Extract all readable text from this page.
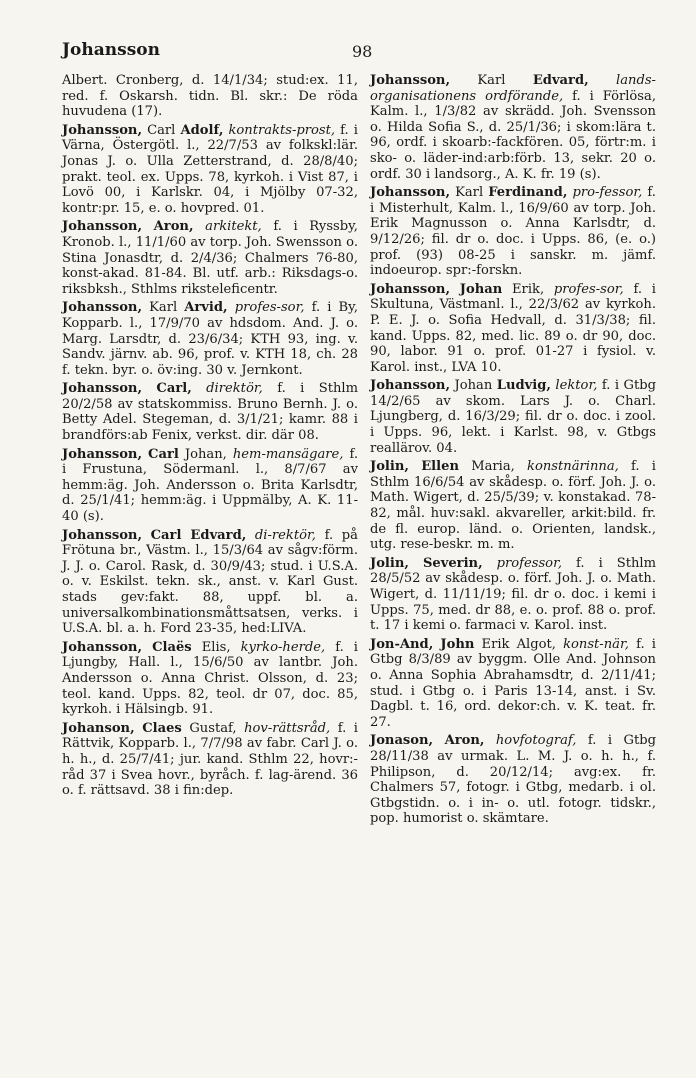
Johansson	98

Albert. Cronberg, d. 14/1/34; stud:ex. 11, red. f. Oskarsh. tidn. Bl. skr.: De röda huvudena (17).

Johansson, Carl Adolf, kontrakts-prost, f. i Värna, Östergötl. l., 22/7/53 av folkskl:lär. Jonas J. o. Ulla Zetterstrand, d. 28/8/40; prakt. teol. ex. Upps. 78, kyrkoh. i Vist 87, i Lovö 00, i Karlskr. 04, i Mjölby 07-32, kontr:pr. 15, e. o. hovpred. 01.

Johansson, Aron, arkitekt, f. i Ryssby, Kronob. l., 11/1/60 av torp. Joh. Swensson o. Stina Jonasdtr, d. 2/4/36; Chalmers 76-80, konst-akad. 81-84. Bl. utf. arb.: Riksdags-o. riksbksh., Sthlms riksteleficentr.

Johansson, Karl Arvid, profes-sor, f. i By, Kopparb. l., 17/9/70 av hdsdom. And. J. o. Marg. Larsdtr, d. 23/6/34; KTH 93, ing. v. Sandv. järnv. ab. 96, prof. v. KTH 18, ch. 28 f. tekn. byr. o. öv:ing. 30 v. Jernkont.

Johansson, Carl, direktör, f. i Sthlm 20/2/58 av statskommiss. Bruno Bernh. J. o. Betty Adel. Stegeman, d. 3/1/21; kamr. 88 i brandförs:ab Fenix, verkst. dir. där 08.

Johansson, Carl Johan, hem-mansägare, f. i Frustuna, Södermanl. l., 8/7/67 av hemm:äg. Joh. Andersson o. Brita Karlsdtr, d. 25/1/41; hemm:äg. i Uppmälby, A. K. 11-40 (s).

Johansson, Carl Edvard, di-rektör, f. på Frötuna br., Västm. l., 15/3/64 av sågv:förm. J. J. o. Carol. Rask, d. 30/9/43; stud. i U.S.A. o. v. Eskilst. tekn. sk., anst. v. Karl Gust. stads gev:fakt. 88, uppf. bl. a. universalkombinationsmåttsatsen, verks. i U.S.A. bl. a. h. Ford 23-35, hed:LIVA.

Johansson, Claës Elis, kyrko-herde, f. i Ljungby, Hall. l., 15/6/50 av lantbr. Joh. Andersson o. Anna Christ. Olsson, d. 23; teol. kand. Upps. 82, teol. dr 07, doc. 85, kyrkoh. i Hälsingb. 91.

Johanson, Claes Gustaf, hov-rättsråd, f. i Rättvik, Kopparb. l., 7/7/98 av fabr. Carl J. o. h. h., d. 25/7/41; jur. kand. Sthlm 22, hovr:-råd 37 i Svea hovr., byråch. f. lag-ärend. 36 o. f. rättsavd. 38 i fin:dep.

Johansson, Karl Edvard, lands-organisationens ordförande, f. i Förlösa, Kalm. l., 1/3/82 av skrädd. Joh. Svensson o. Hilda Sofia S., d. 25/1/36; i skom:lära t. 96, ordf. i skoarb:-fackfören. 05, förtr:m. i sko- o. läder-ind:arb:förb. 13, sekr. 20 o. ordf. 30 i landsorg., A. K. fr. 19 (s).

Johansson, Karl Ferdinand, pro-fessor, f. i Misterhult, Kalm. l., 16/9/60 av torp. Joh. Erik Magnusson o. Anna Karlsdtr, d. 9/12/26; fil. dr o. doc. i Upps. 86, (e. o.) prof. (93) 08-25 i sanskr. m. jämf. indoeurop. spr:-forskn.

Johansson, Johan Erik, profes-sor, f. i Skultuna, Västmanl. l., 22/3/62 av kyrkoh. P. E. J. o. Sofia Hedvall, d. 31/3/38; fil. kand. Upps. 82, med. lic. 89 o. dr 90, doc. 90, labor. 91 o. prof. 01-27 i fysiol. v. Karol. inst., LVA 10.

Johansson, Johan Ludvig, lektor, f. i Gtbg 14/2/65 av skom. Lars J. o. Charl. Ljungberg, d. 16/3/29; fil. dr o. doc. i zool. i Upps. 96, lekt. i Karlst. 98, v. Gtbgs reallärov. 04.

Jolin, Ellen Maria, konstnärinna, f. i Sthlm 16/6/54 av skådesp. o. förf. Joh. J. o. Math. Wigert, d. 25/5/39; v. konstakad. 78-82, mål. huv:sakl. akvareller, arkit:bild. fr. de fl. europ. länd. o. Orienten, landsk., utg. rese-beskr. m. m.

Jolin, Severin, professor, f. i Sthlm 28/5/52 av skådesp. o. förf. Joh. J. o. Math. Wigert, d. 11/11/19; fil. dr o. doc. i kemi i Upps. 75, med. dr 88, e. o. prof. 88 o. prof. t. 17 i kemi o. farmaci v. Karol. inst.

Jon-And, John Erik Algot, konst-när, f. i Gtbg 8/3/89 av byggm. Olle And. Johnson o. Anna Sophia Abrahamsdtr, d. 2/11/41; stud. i Gtbg o. i Paris 13-14, anst. i Sv. Dagbl. t. 16, ord. dekor:ch. v. K. teat. fr. 27.

Jonason, Aron, hovfotograf, f. i Gtbg 28/11/38 av urmak. L. M. J. o. h. h., f. Philipson, d. 20/12/14; avg:ex. fr. Chalmers 57, fotogr. i Gtbg, medarb. i ol. Gtbgstidn. o. i in- o. utl. fotogr. tidskr., pop. humorist o. skämtare.
